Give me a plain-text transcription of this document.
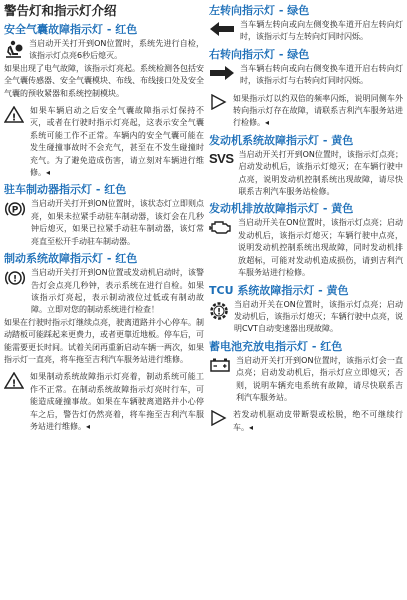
警告灯和指示灯介绍
安全气囊故障指示灯 - 红色

当启动开关打开到ON位置时，系统先进行自检，该指示灯点亮6秒后熄灭。

如果出现了电气故障，该指示灯亮起。系统检测各包括安全气囊传感器、安全气囊模块、布线、布线接口处及安全气囊的预收紧器和系统控制模块。

!

如果车辆启动之后安全气囊故障指示灯保持不灭，或者在行驶时指示灯亮起，这表示安全气囊系统可能工作不正常。车辆内的安全气囊可能在发生碰撞事故时不会充气，甚至在不发生碰撞时充气。为了避免造成伤害，请立刻对车辆进行维修。◂

驻车制动器指示灯 - 红色
P

当启动开关打开到ON位置时，该状态灯立即则点亮，如果未拉紧手动驻车制动器，该灯会在几秒钟后熄灭，如果已拉紧手动驻车制动器，该灯常亮直至松开手动驻车制动器。

制动系统故障指示灯 - 红色
!

当启动开关打开到ON位置或发动机启动时，该警告灯会点亮几秒钟，表示系统在进行自检。如果该指示灯亮起，表示制动液位过低或有制动故障。立即对您的制动系统进行检查！

如果在行驶时指示灯继续点亮，驶离道路并小心停车。制动踏板可能踩起来更费力，或者更靠近地板。停车后，可能需要更长时间。试着关闭再重新启动车辆一两次，如果指示灯一直亮，将车拖至吉利汽车服务站进行维修。

!

如果制动系统故障指示灯亮着，制动系统可能工作不正常。在制动系统故障指示灯亮时行车，可能造成碰撞事故。如果在车辆驶离道路并小心停车之后，警告灯仍然亮着，将车拖至吉利汽车服务站进行维修。◂

左转向指示灯 - 绿色

当车辆左转向或向左侧变换车道开启左转向灯时，该指示灯与左转向灯同时闪烁。

右转向指示灯 - 绿色

当车辆右转向或向右侧变换车道开启右转向灯时，该指示灯与右转向灯同时闪烁。

如果指示灯以约双倍的频率闪烁，说明同侧车外转向指示灯存在故障，请联系吉利汽车服务站进行检修。◂

发动机系统故障指示灯 - 黄色
SVS 当启动开关打开到ON位置时，该指示灯点亮；启动发动机后，该指示灯熄灭；在车辆行驶中点亮，说明发动机控制系统出现故障，请尽快联系吉利汽车服务站检修。

发动机排放故障指示灯 - 黄色

当启动开关在ON位置时，该指示灯点亮；启动发动机后，该指示灯熄灭；车辆行驶中点亮，说明发动机控制系统出现故障，同时发动机排放超标，可能对发动机造成损伤，请到吉利汽车服务站进行检修。

TCU 系统故障指示灯 - 黄色
!

当启动开关在ON位置时，该指示灯点亮；启动发动机后，该指示灯熄灭；车辆行驶中点亮，说明CVT自动变速器出现故障。

蓄电池充放电指示灯 - 红色

当启动开关打开到ON位置时，该指示灯会一直点亮；启动发动机后，指示灯应立即熄灭；否则，说明车辆充电系统有故障，请尽快联系吉利汽车服务站。

若发动机驱动皮带断裂或松脱，绝不可继续行车。◂
